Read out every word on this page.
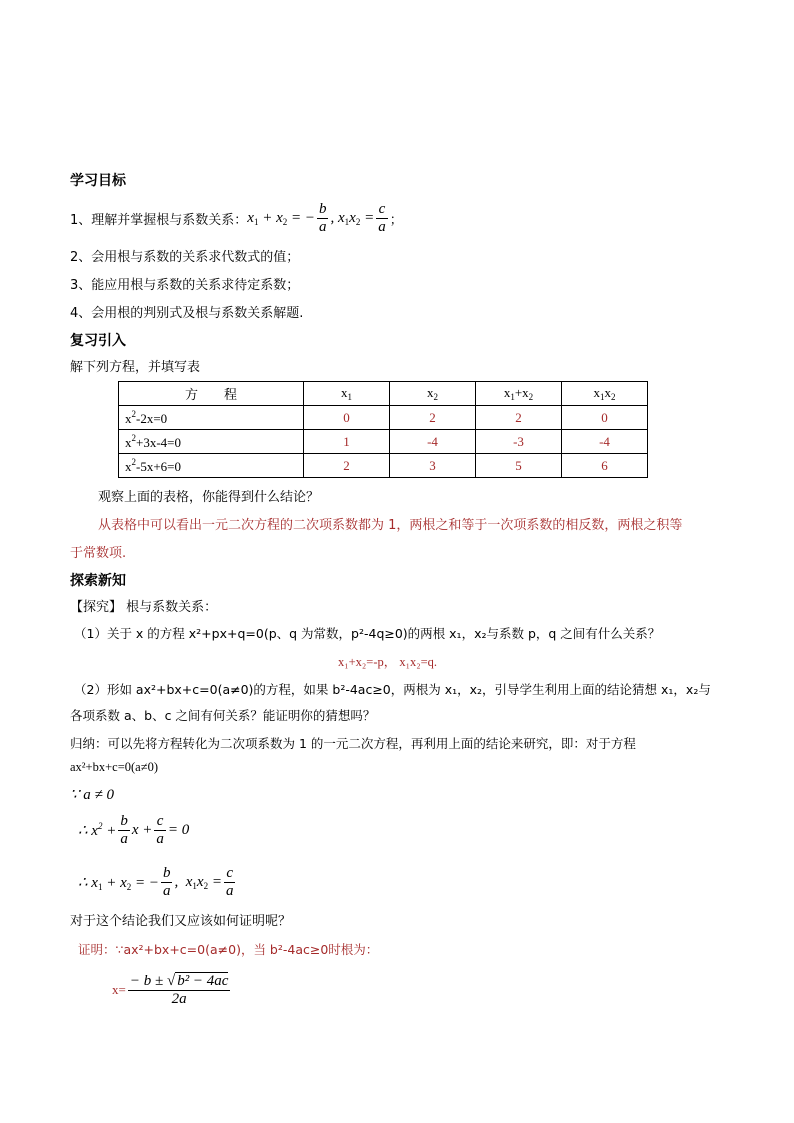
学习目标
1、理解并掌握根与系数关系： $x_1 + x_2$ = − $\frac{b}{a}$ , $x_1x_2 = \frac{c}{a}$ ；
2、会用根与系数的关系求代数式的值；
3、能应用根与系数的关系求待定系数；
4、会用根的判别式及根与系数关系解题.
复习引入
解下列方程，并填写表
方　　程	$x_1$	$x_2$	$x_1+x_2$	$x_1x_2$
$x^2-2x=0$	0	2	2	0
$x^2+3x-4=0$	1	-4	-3	-4
$x^2-5x+6=0$	2	3	5	6
观察上面的表格，你能得到什么结论？
从表格中可以看出一元二次方程的二次项系数都为 1，两根之和等于一次项系数的相反数，两根之积等
于常数项.
探索新知
【探究】 根与系数关系：
（1）关于 x 的方程 x²+px+q=0(p、q 为常数，p²-4q≥0)的两根 x₁，x₂与系数 p，q 之间有什么关系？
x₁+x₂=-p， x₁x₂=q.
（2）形如 ax²+bx+c=0(a≠0)的方程，如果 b²-4ac≥0，两根为 x₁，x₂，引导学生利用上面的结论猜想 x₁，x₂与
各项系数 a、b、c 之间有何关系？能证明你的猜想吗？
归纳：可以先将方程转化为二次项系数为 1 的一元二次方程，再利用上面的结论来研究，即：对于方程
ax²+bx+c=0(a≠0)
∵ a ≠ 0
∴ $x^2 + \frac{b}{a}$ $x + \frac{c}{a} = 0$
∴ $x_1 + x_2$ = − $\frac{b}{a}$ ,  $x_1x_2 = \frac{c}{a}$
对于这个结论我们又应该如何证明呢？
证明：∵ax²+bx+c=0(a≠0)，当 b²-4ac≥0时根为：
$x= \frac{\text{− b ± √ b² − 4ac}}{2a}$
